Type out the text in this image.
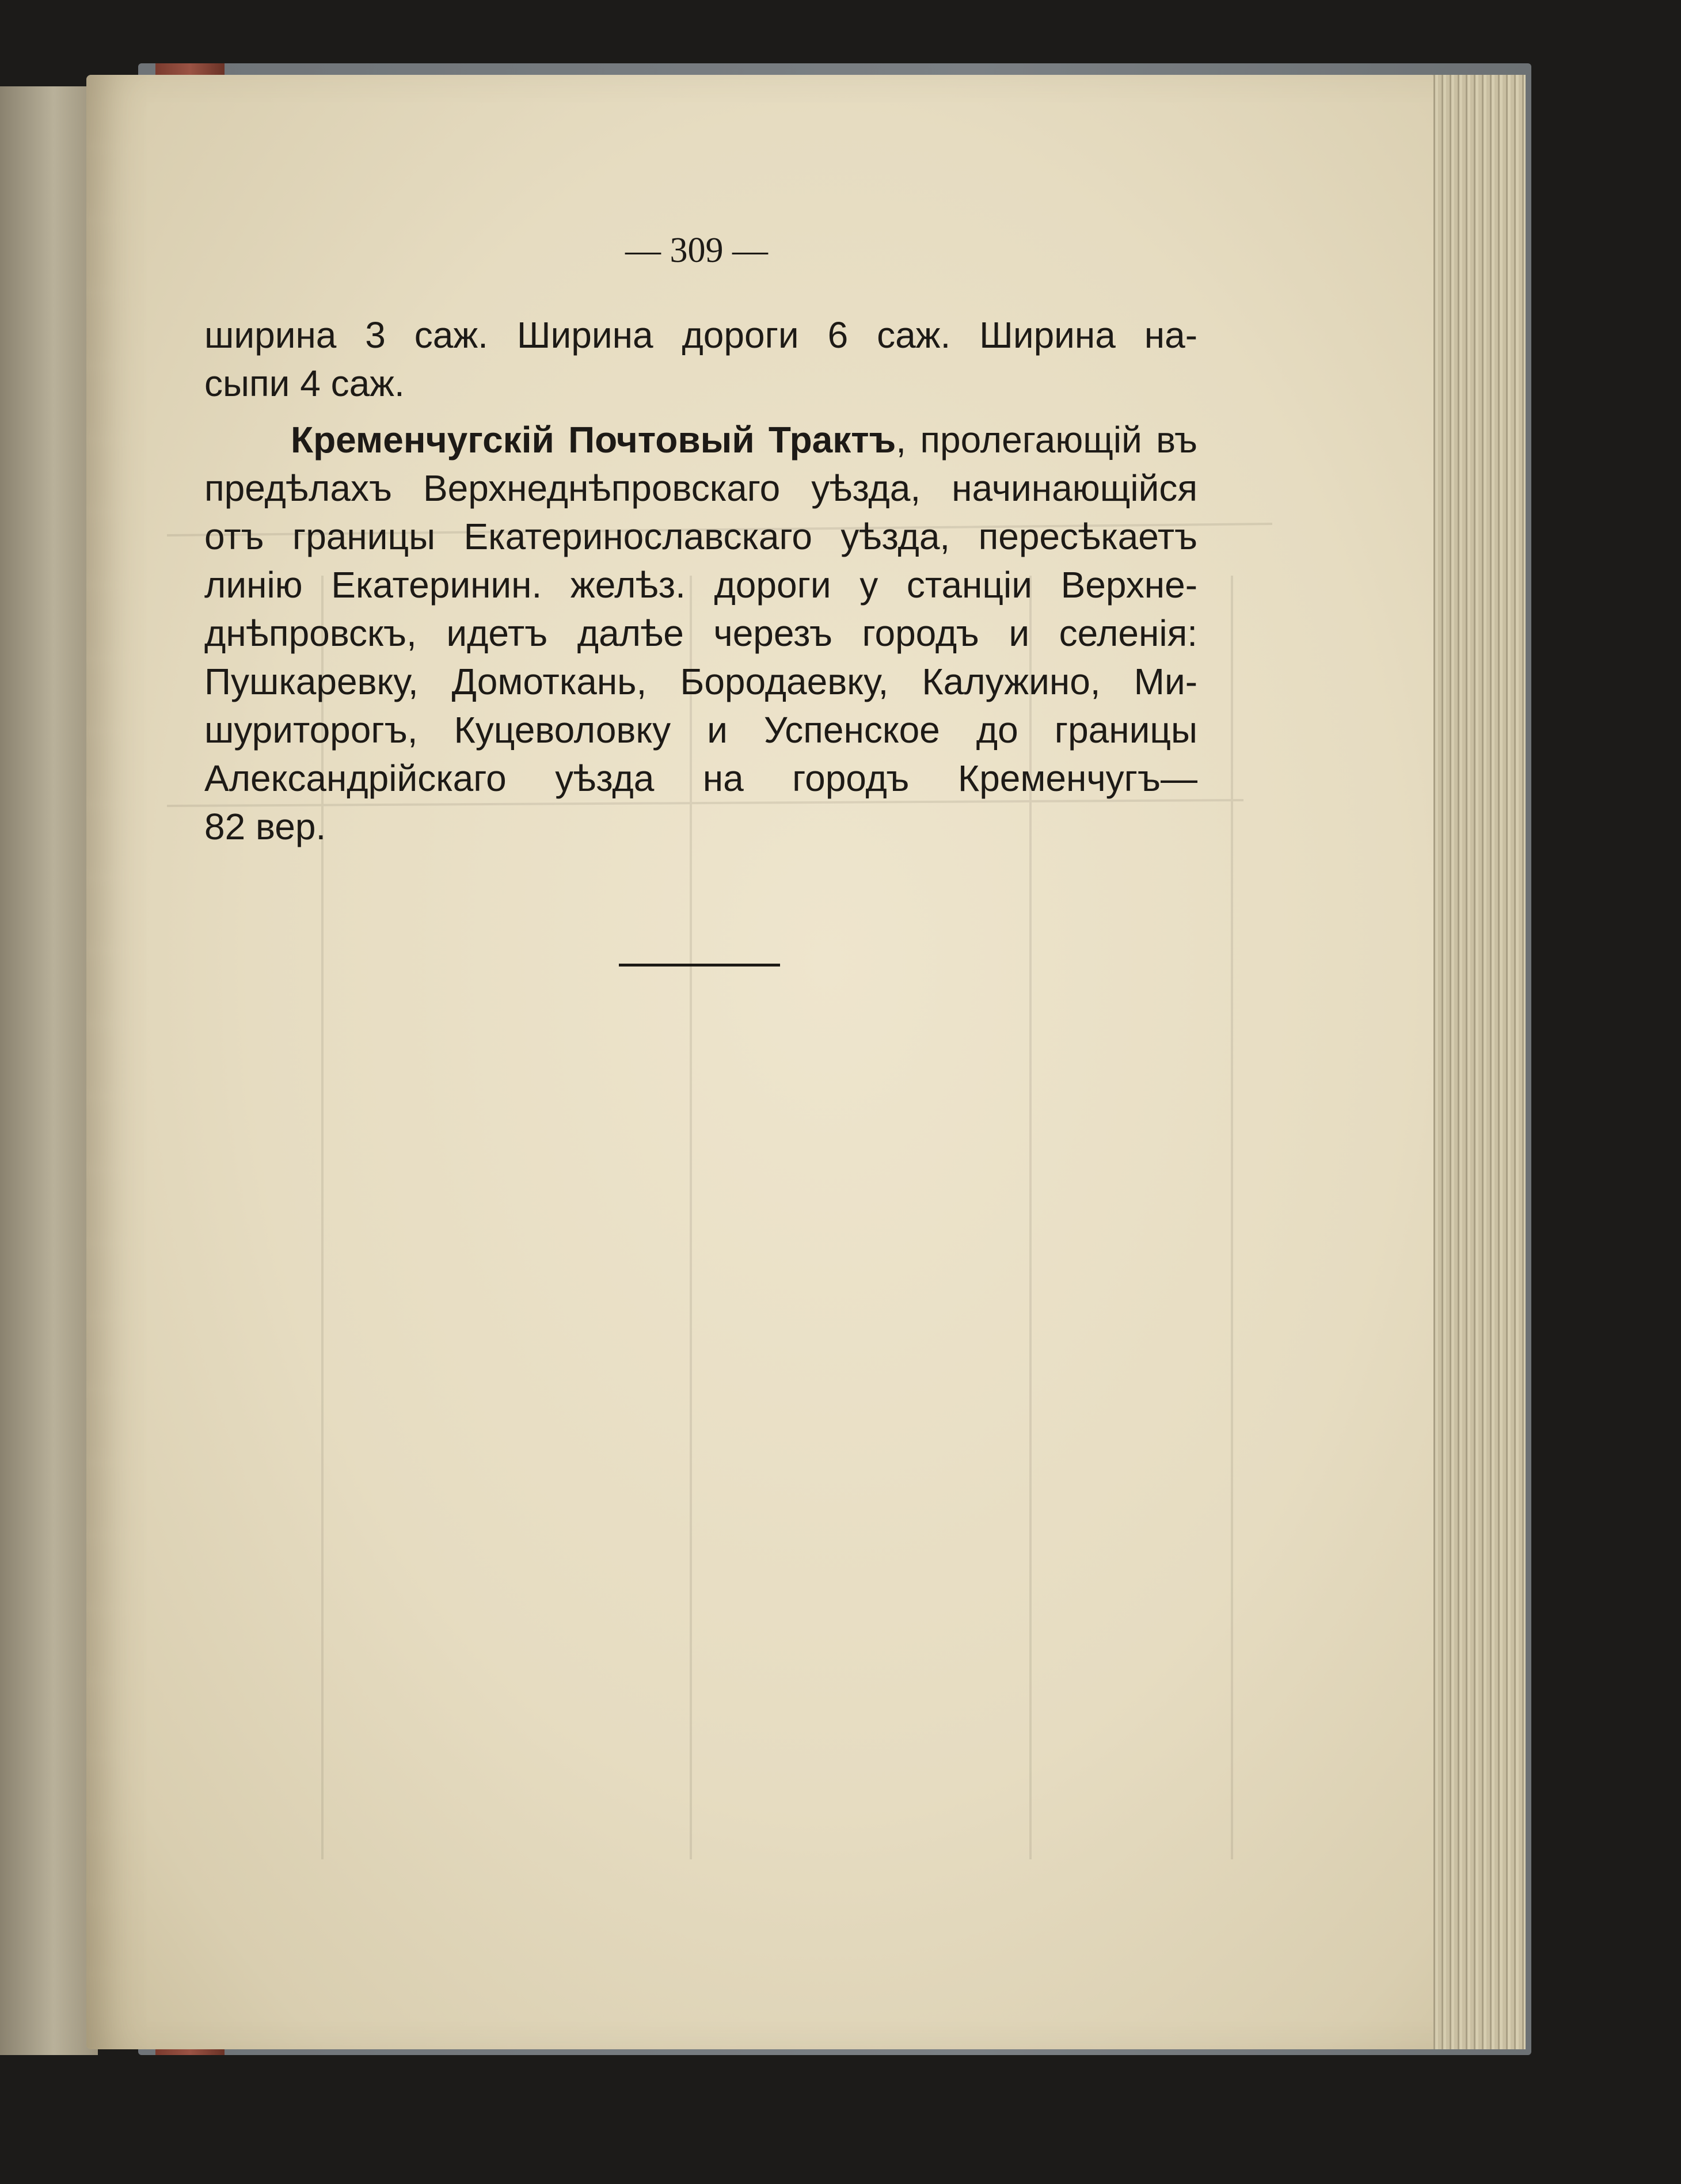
— 309 —
ширина 3 саж. Ширина дороги 6 саж. Ширина на-
сыпи 4 саж.
Кременчугскій Почтовый Трактъ, пролегающій въ
предѣлахъ Верхнеднѣпровскаго уѣзда, начинающійся
отъ границы Екатеринославскаго уѣзда, пересѣкаетъ
линію Екатеринин. желѣз. дороги у станціи Верхне-
днѣпровскъ, идетъ далѣе черезъ городъ и селенія:
Пушкаревку, Домоткань, Бородаевку, Калужино, Ми-
шуриторогъ, Куцеволовку и Успенское до границы
Александрійскаго уѣзда на городъ Кременчугъ—
82 вер.
